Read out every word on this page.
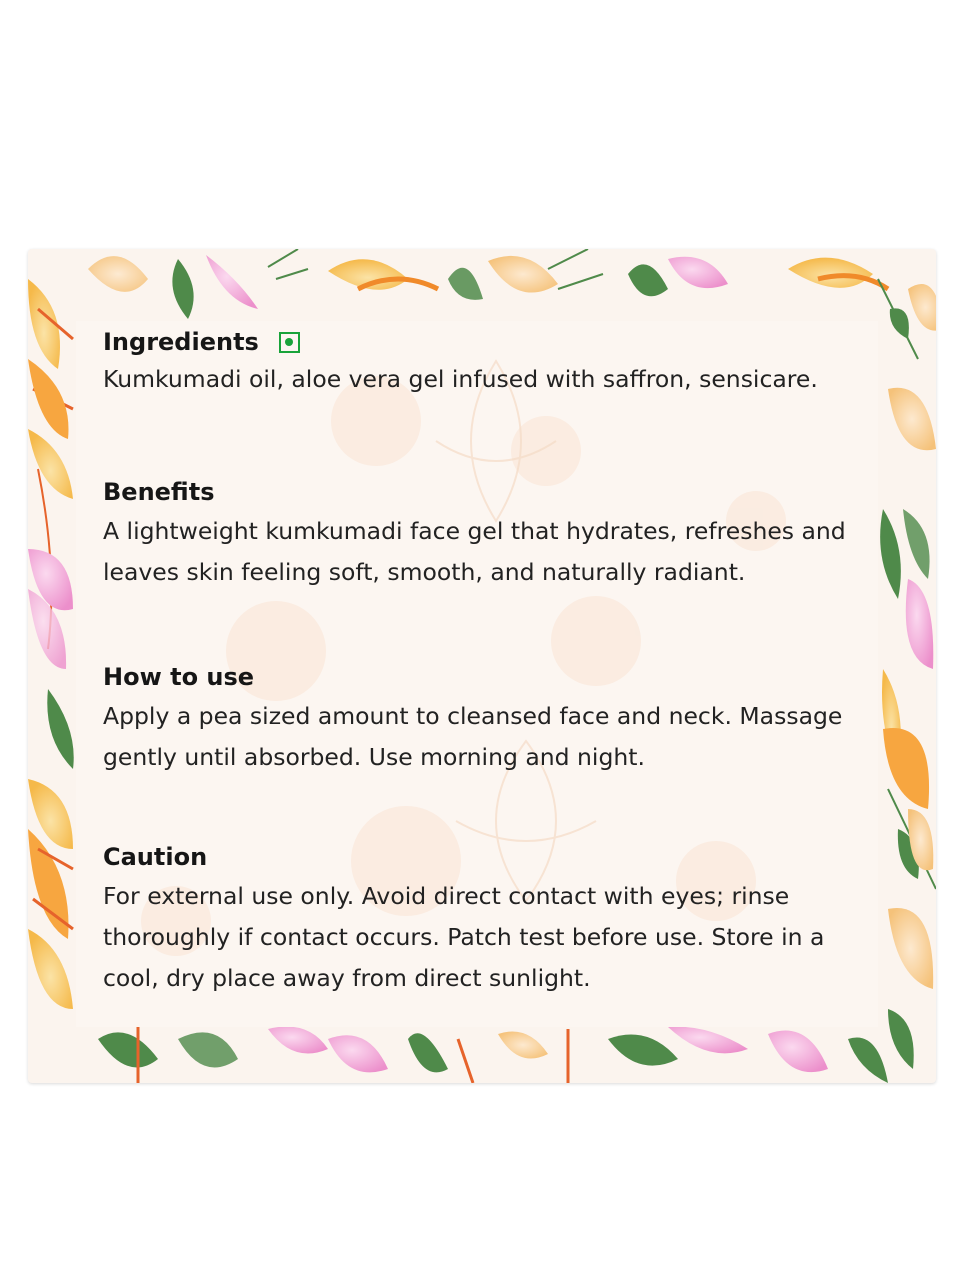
Ingredients
Kumkumadi oil, aloe vera gel infused with saffron, sensicare.
Benefits
A lightweight kumkumadi face gel that hydrates, refreshes and leaves skin feeling soft, smooth, and naturally radiant.
How to use
Apply a pea sized amount to cleansed face and neck. Massage gently until absorbed. Use morning and night.
Caution
For external use only. Avoid direct contact with eyes; rinse thoroughly if contact occurs. Patch test before use. Store in a cool, dry place away from direct sunlight.
